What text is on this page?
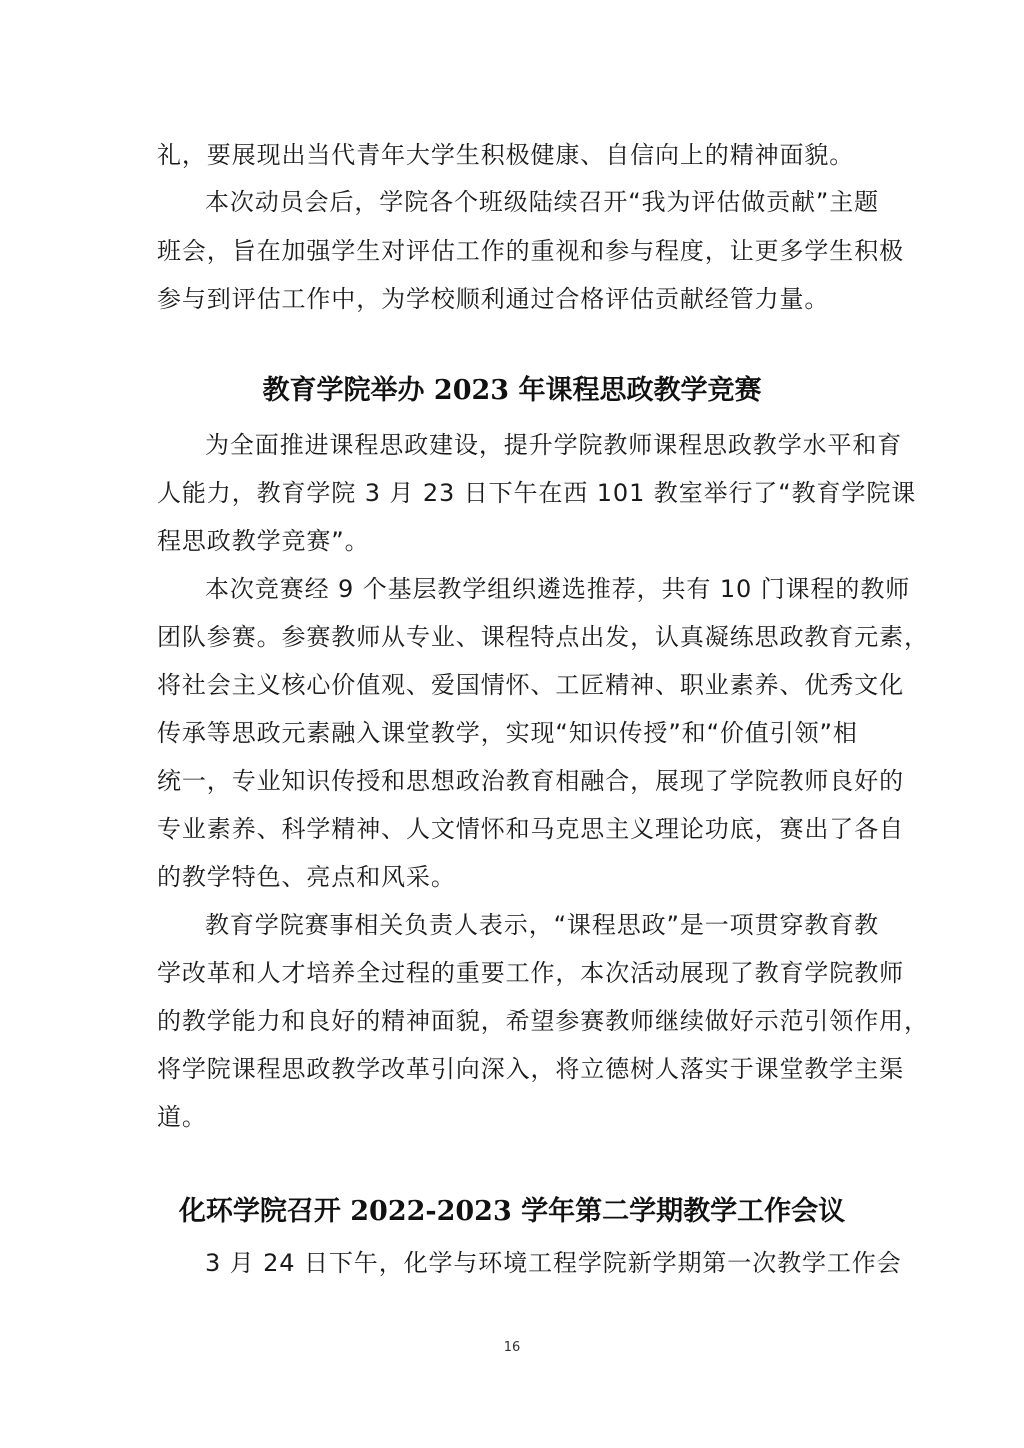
礼，要展现出当代青年大学生积极健康、自信向上的精神面貌。
本次动员会后，学院各个班级陆续召开“我为评估做贡献”主题
班会，旨在加强学生对评估工作的重视和参与程度，让更多学生积极
参与到评估工作中，为学校顺利通过合格评估贡献经管力量。
教育学院举办 2023 年课程思政教学竞赛
为全面推进课程思政建设，提升学院教师课程思政教学水平和育
人能力，教育学院 3 月 23 日下午在西 101 教室举行了“教育学院课
程思政教学竞赛”。
本次竞赛经 9 个基层教学组织遴选推荐，共有 10 门课程的教师
团队参赛。参赛教师从专业、课程特点出发，认真凝练思政教育元素，
将社会主义核心价值观、爱国情怀、工匠精神、职业素养、优秀文化
传承等思政元素融入课堂教学，实现“知识传授”和“价值引领”相
统一，专业知识传授和思想政治教育相融合，展现了学院教师良好的
专业素养、科学精神、人文情怀和马克思主义理论功底，赛出了各自
的教学特色、亮点和风采。
教育学院赛事相关负责人表示，“课程思政”是一项贯穿教育教
学改革和人才培养全过程的重要工作，本次活动展现了教育学院教师
的教学能力和良好的精神面貌，希望参赛教师继续做好示范引领作用，
将学院课程思政教学改革引向深入，将立德树人落实于课堂教学主渠
道。
化环学院召开 2022-2023 学年第二学期教学工作会议
3 月 24 日下午，化学与环境工程学院新学期第一次教学工作会
16
